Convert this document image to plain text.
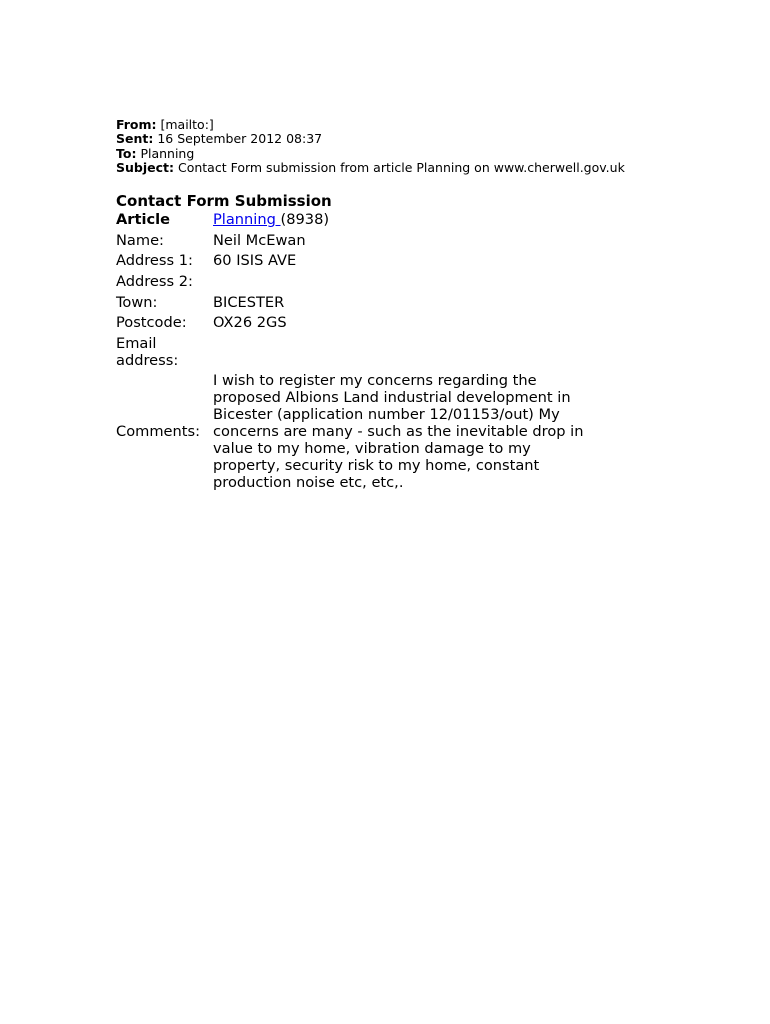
From: [mailto:]
Sent: 16 September 2012 08:37
To: Planning
Subject: Contact Form submission from article Planning on www.cherwell.gov.uk
Contact Form Submission
Article	Planning (8938)
Name:	Neil McEwan
Address 1:	60 ISIS AVE
Address 2:	
Town:	BICESTER
Postcode:	OX26 2GS
Email address:	
Comments:	I wish to register my concerns regarding the proposed Albions Land industrial development in Bicester (application number 12/01153/out) My concerns are many - such as the inevitable drop in value to my home, vibration damage to my property, security risk to my home, constant production noise etc, etc,.
